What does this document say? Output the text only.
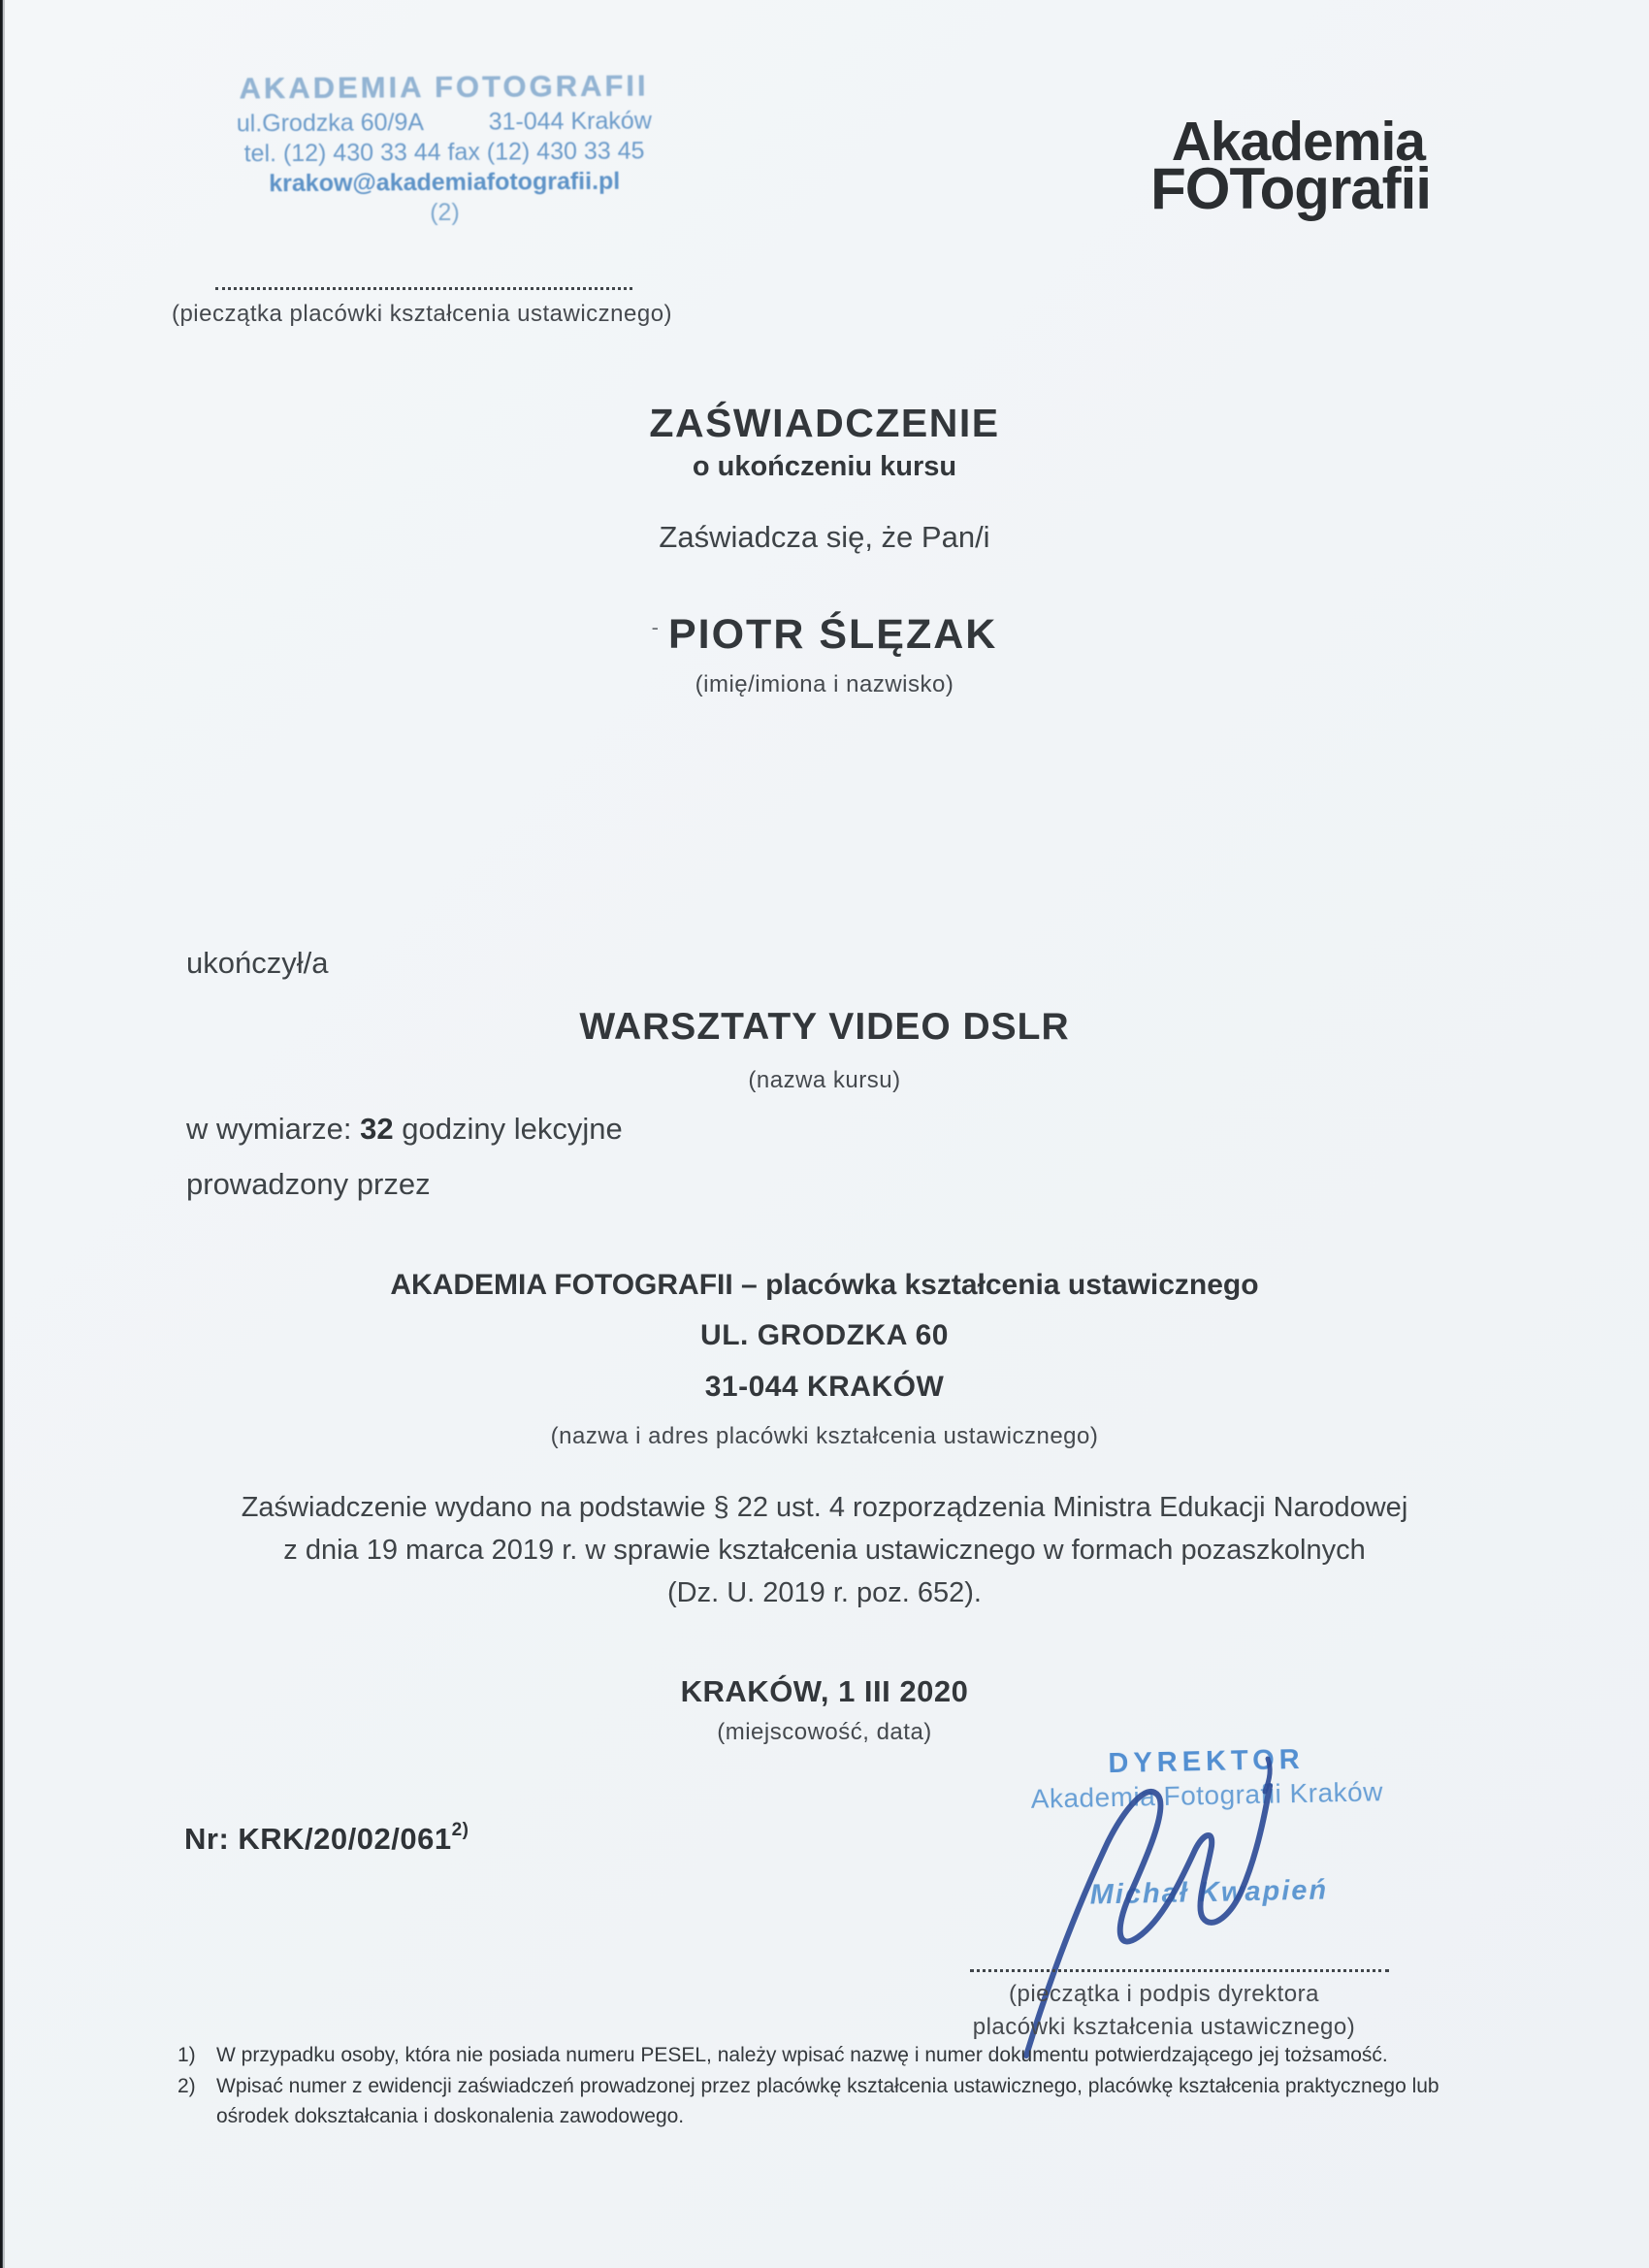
AKADEMIA FOTOGRAFII
ul.Grodzka 60/9A	31-044 Kraków
tel. (12) 430 33 44 fax (12) 430 33 45
krakow@akademiafotografii.pl
(2)
Akademia
FOTografii
(pieczątka placówki kształcenia ustawicznego)
ZAŚWIADCZENIE
o ukończeniu kursu
Zaświadcza się, że Pan/i
- PIOTR ŚLĘZAK
(imię/imiona i nazwisko)
ukończył/a
WARSZTATY VIDEO DSLR
(nazwa kursu)
w wymiarze: 32 godziny lekcyjne
prowadzony przez
AKADEMIA FOTOGRAFII – placówka kształcenia ustawicznego
UL. GRODZKA 60
31-044 KRAKÓW
(nazwa i adres placówki kształcenia ustawicznego)
Zaświadczenie wydano na podstawie § 22 ust. 4 rozporządzenia Ministra Edukacji Narodowej
z dnia 19 marca 2019 r. w sprawie kształcenia ustawicznego w formach pozaszkolnych
(Dz. U. 2019 r. poz. 652).
KRAKÓW, 1 III 2020
(miejscowość, data)
Nr: KRK/20/02/061$^{2)}$
DYREKTOR
Akademia Fotografii Kraków
Michał Kwapień
(pieczątka i podpis dyrektora
placówki kształcenia ustawicznego)
1)	W przypadku osoby, która nie posiada numeru PESEL, należy wpisać nazwę i numer dokumentu potwierdzającego jej tożsamość.
2)	Wpisać numer z ewidencji zaświadczeń prowadzonej przez placówkę kształcenia ustawicznego, placówkę kształcenia praktycznego lub ośrodek dokształcania i doskonalenia zawodowego.
